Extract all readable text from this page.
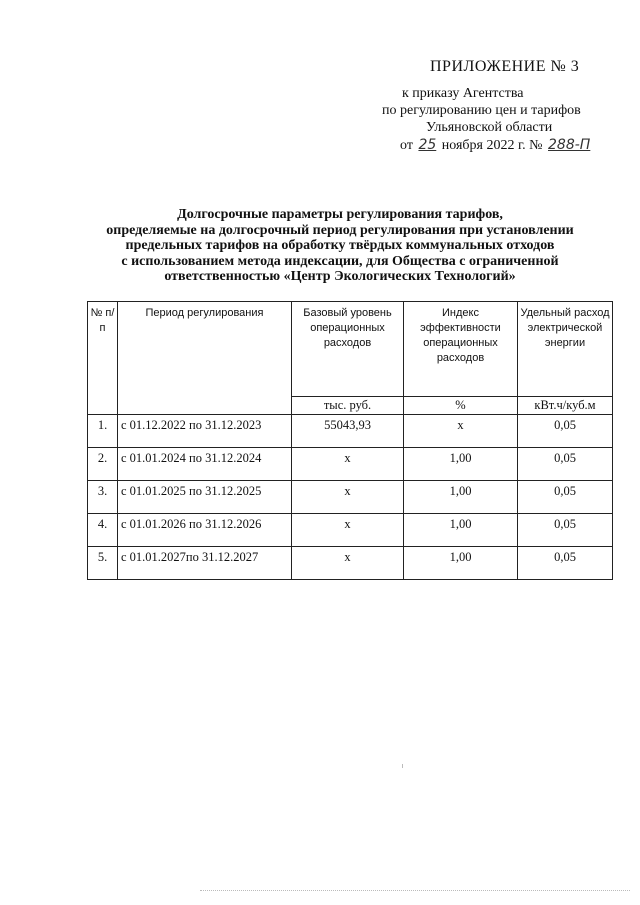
ПРИЛОЖЕНИЕ № 3
к приказу Агентства
по регулированию цен и тарифов
Ульяновской области
от 25 ноября 2022 г. № 288-П
Долгосрочные параметры регулирования тарифов,
определяемые на долгосрочный период регулирования при установлении
предельных тарифов на обработку твёрдых коммунальных отходов
с использованием метода индексации, для Общества с ограниченной
ответственностью «Центр Экологических Технологий»
№ п/п	Период регулирования	Базовый уровень операционных расходов	Индекс эффективности операционных расходов	Удельный расход электрической энергии
		тыс. руб.	%	кВт.ч/куб.м
1.	с 01.12.2022 по 31.12.2023	55043,93	х	0,05
2.	с 01.01.2024 по 31.12.2024	х	1,00	0,05
3.	с 01.01.2025 по 31.12.2025	х	1,00	0,05
4.	с 01.01.2026 по 31.12.2026	х	1,00	0,05
5.	с 01.01.2027по 31.12.2027	х	1,00	0,05
